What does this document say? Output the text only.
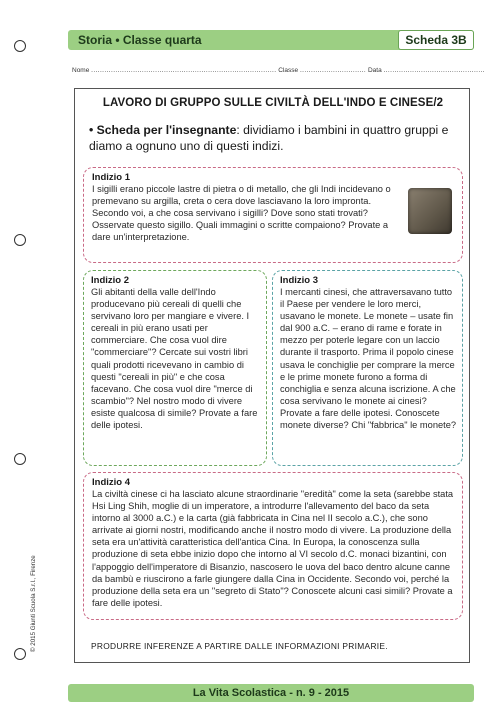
Storia • Classe quarta	Scheda 3B
Nome .................................................................................... Classe .............................. Data ..............................................
LAVORO DI GRUPPO SULLE CIVILTÀ DELL'INDO E CINESE/2
• Scheda per l'insegnante: dividiamo i bambini in quattro gruppi e diamo a ognuno uno di questi indizi.
Indizio 1
I sigilli erano piccole lastre di pietra o di metallo, che gli Indi incidevano o premevano su argilla, creta o cera dove lasciavano la loro impronta. Secondo voi, a che cosa servivano i sigilli? Dove sono stati trovati? Osservate questo sigillo. Quali immagini o scritte compaiono? Provate a dare un'interpretazione.
Indizio 2
Gli abitanti della valle dell'Indo producevano più cereali di quelli che servivano loro per mangiare e vivere. I cereali in più erano usati per commerciare. Che cosa vuol dire "commerciare"? Cercate sui vostri libri quali prodotti ricevevano in cambio di questi "cereali in più" e che cosa facevano. Che cosa vuol dire "merce di scambio"? Nel nostro modo di vivere esiste qualcosa di simile? Provate a fare delle ipotesi.
Indizio 3
I mercanti cinesi, che attraversavano tutto il Paese per vendere le loro merci, usavano le monete. Le monete – usate fin dal 900 a.C. – erano di rame e forate in mezzo per poterle legare con un laccio durante il trasporto. Prima il popolo cinese usava le conchiglie per comprare la merce e le prime monete furono a forma di conchiglia e senza alcuna iscrizione. A che cosa servivano le monete ai cinesi? Provate a fare delle ipotesi. Conoscete monete diverse? Chi "fabbrica" le monete?
Indizio 4
La civiltà cinese ci ha lasciato alcune straordinarie "eredità" come la seta (sarebbe stata Hsi Ling Shih, moglie di un imperatore, a introdurre l'allevamento del baco da seta intorno al 3000 a.C.) e la carta (già fabbricata in Cina nel II secolo a.C.), che sono arrivate ai giorni nostri, modificando anche il nostro modo di vivere. La produzione della seta era un'attività caratteristica dell'antica Cina. In Europa, la conoscenza sulla produzione di seta ebbe inizio dopo che intorno al VI secolo d.C. monaci bizantini, con l'appoggio dell'imperatore di Bisanzio, nascosero le uova del baco dentro alcune canne da bambù e riuscirono a farle giungere dalla Cina in Occidente. Secondo voi, perché la produzione della seta era un "segreto di Stato"? Conoscete alcuni casi simili? Provate a fare delle ipotesi.
PRODURRE INFERENZE A PARTIRE DALLE INFORMAZIONI PRIMARIE.
© 2015 Giunti Scuola S.r.l., Firenze
La Vita Scolastica - n. 9 - 2015
